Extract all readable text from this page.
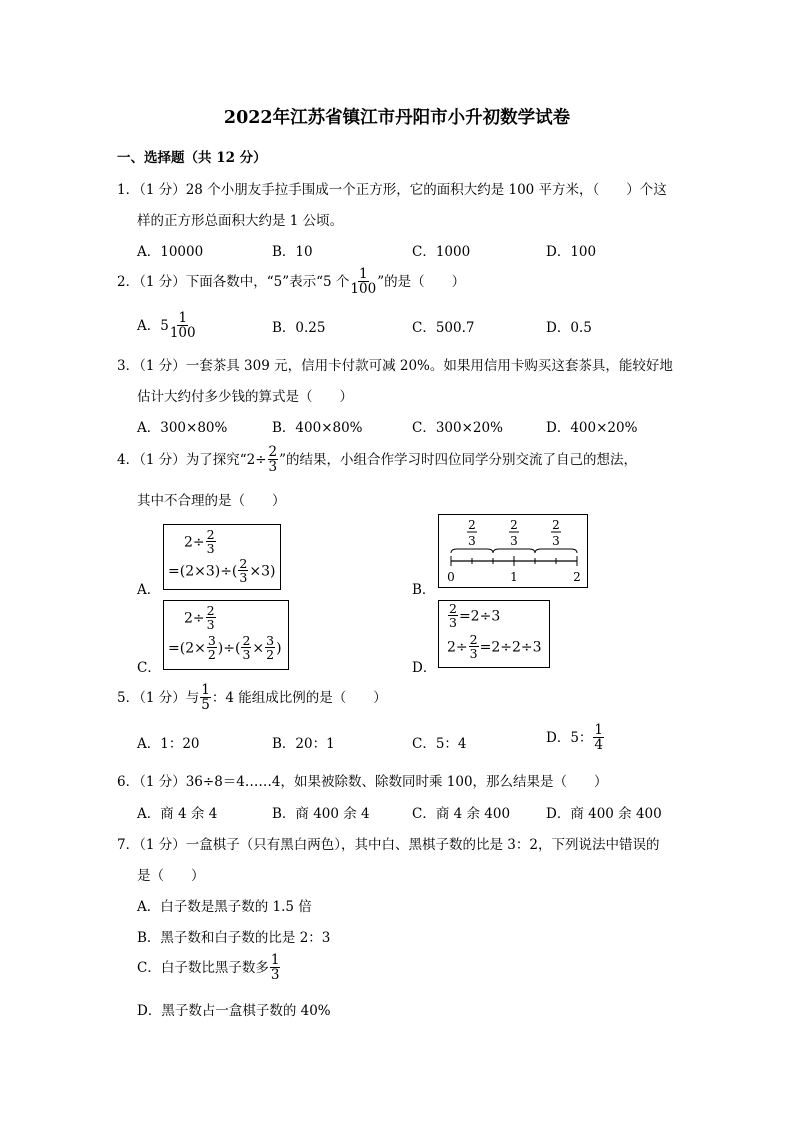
2022年江苏省镇江市丹阳市小升初数学试卷
一、选择题（共 12 分）
1．（1 分）28 个小朋友手拉手围成一个正方形，它的面积大约是 100 平方米，（　　）个这
样的正方形总面积大约是 1 公顷。
A．10000	B．10	C．1000	D．100
2．（1 分）下面各数中，“5”表示“5 个 $\frac{1}{100}$ ”的是（　　）
A．$5 \frac{1}{100}$	B．0.25	C．500.7	D．0.5
3．（1 分）一套茶具 309 元，信用卡付款可减 20%。如果用信用卡购买这套茶具，能较好地
估计大约付多少钱的算式是（　　）
A．300×80%	B．400×80%	C．300×20%	D．400×20%
4．（1 分）为了探究“$2\div \frac{2}{3}$ ”的结果，小组合作学习时四位同学分别交流了自己的想法，
其中不合理的是（　　）
A．	B．
C．	D．
$2\div \frac{2}{3}$
$=(2\times 3)\div( \frac{2}{3} \times 3)$
2
3
2
3
2
3
0	1	2
$2\div \frac{2}{3}$
$=(2\times \frac{3}{2}$ )÷( $\frac{2}{3} \times \frac{3}{2}$ )
$\frac{2}{3} =2\div 3$
$2\div \frac{2}{3} =2\div 2\div 3$
5．（1 分）与 $\frac{1}{5}$ ：4 能组成比例的是（　　）
A．1：20	B．20：1	C．5：4	D．5： $\frac{1}{4}$
6．（1 分）36÷8＝4……4，如果被除数、除数同时乘 100，那么结果是（　　）
A．商 4 余 4	B．商 400 余 4	C．商 4 余 400	D．商 400 余 400
7．（1 分）一盒棋子（只有黑白两色），其中白、黑棋子数的比是 3：2，下列说法中错误的
是（　　）
A．白子数是黑子数的 1.5 倍
B．黑子数和白子数的比是 2：3
C．白子数比黑子数多 $\frac{1}{3}$
D．黑子数占一盒棋子数的 40%
